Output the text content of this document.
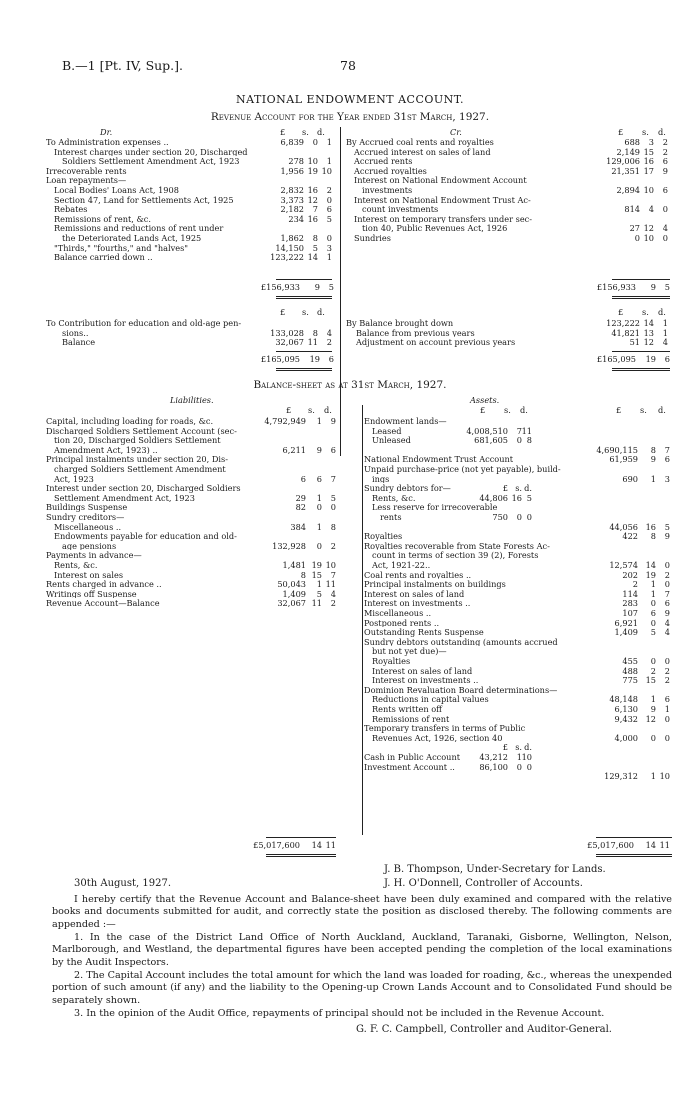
B.—1 [Pt. IV, Sup.].	78
NATIONAL ENDOWMENT ACCOUNT.
Revenue Account for the Year ended 31st March, 1927.
Dr.	Cr.
£ s. d.	£ s. d.
To Administration expenses ..	6,839 0 1
Interest charges under section 20, Discharged
Soldiers Settlement Amendment Act, 1923	278 10 1
Irrecoverable rents	1,956 19 10
Loan repayments—
Local Bodies' Loans Act, 1908	2,832 16 2
Section 47, Land for Settlements Act, 1925	3,373 12 0
Rebates	2,182 7 6
Remissions of rent, &c.	234 16 5
Remissions and reductions of rent under
the Deteriorated Lands Act, 1925	1,862 8 0
"Thirds," "fourths," and "halves"	14,150 5 3
Balance carried down ..	123,222 14 1
By Accrued coal rents and royalties	688 3 2
Accrued interest on sales of land	2,149 15 2
Accrued rents	129,006 16 6
Accrued royalties	21,351 17 9
Interest on National Endowment Account
investments	2,894 10 6
Interest on National Endowment Trust Ac-
count investments	814 4 0
Interest on temporary transfers under sec-
tion 40, Public Revenues Act, 1926	27 12 4
Sundries	0 10 0
£156,933 9 5	£156,933 9 5
£ s. d.	£ s. d.
To Contribution for education and old-age pen-
sions..	133,028 8 4
Balance	32,067 11 2
By Balance brought down	123,222 14 1
Balance from previous years	41,821 13 1
Adjustment on account previous years	51 12 4
£165,095 19 6	£165,095 19 6
Balance-sheet as at 31st March, 1927.
Liabilities.	Assets.
£ s. d.	£ s. d.	£ s. d.
Capital, including loading for roads, &c.	4,792,949 1 9
Discharged Soldiers Settlement Account (sec-
tion 20, Discharged Soldiers Settlement
Amendment Act, 1923) ..	6,211 9 6
Principal instalments under section 20, Dis-
charged Soldiers Settlement Amendment
Act, 1923	6 6 7
Interest under section 20, Discharged Soldiers
Settlement Amendment Act, 1923	29 1 5
Buildings Suspense	82 0 0
Sundry creditors—
Miscellaneous ..	384 1 8
Endowments payable for education and old-
age pensions	132,928 0 2
Payments in advance—
Rents, &c.	1,481 19 10
Interest on sales	8 15 7
Rents charged in advance ..	50,043 1 11
Writings off Suspense	1,409 5 4
Revenue Account—Balance	32,067 11 2
Endowment lands—
Leased	4,008,510 7 11
Unleased	681,605 0 8
4,690,115 8 7
National Endowment Trust Account	61,959 9 6
Unpaid purchase-price (not yet payable), build-
ings	690 1 3
Sundry debtors for—	£ s. d.
Rents, &c.	44,806 16 5
Less reserve for irrecoverable
rents	750 0 0
44,056 16 5
Royalties	422 8 9
Royalties recoverable from State Forests Ac-
count in terms of section 39 (2), Forests
Act, 1921-22..	12,574 14 0
Coal rents and royalties ..	202 19 2
Principal instalments on buildings	2 1 0
Interest on sales of land	114 1 7
Interest on investments ..	283 0 6
Miscellaneous ..	107 6 9
Postponed rents ..	6,921 0 4
Outstanding Rents Suspense	1,409 5 4
Sundry debtors outstanding (amounts accrued
but not yet due)—
Royalties	455 0 0
Interest on sales of land	488 2 2
Interest on investments ..	775 15 2
Dominion Revaluation Board determinations—
Reductions in capital values	48,148 1 6
Rents written off	6,130 9 1
Remissions of rent	9,432 12 0
Temporary transfers in terms of Public
Revenues Act, 1926, section 40	4,000 0 0
£ s. d.
Cash in Public Account 43,212 1 10
Investment Account ..	86,100 0 0
129,312 1 10
£5,017,600 14 11	£5,017,600 14 11
J. B. Thompson, Under-Secretary for Lands.
30th August, 1927.	J. H. O'Donnell, Controller of Accounts.
I hereby certify that the Revenue Account and Balance-sheet have been duly examined and compared with the relative books and documents submitted for audit, and correctly state the position as disclosed thereby. The following comments are appended :—
1. In the case of the District Land Office of North Auckland, Auckland, Taranaki, Gisborne, Wellington, Nelson, Marlborough, and Westland, the departmental figures have been accepted pending the completion of the local examinations by the Audit Inspectors.
2. The Capital Account includes the total amount for which the land was loaded for roading, &c., whereas the unexpended portion of such amount (if any) and the liability to the Opening-up Crown Lands Account and to Consolidated Fund should be separately shown.
3. In the opinion of the Audit Office, repayments of principal should not be included in the Revenue Account.
G. F. C. Campbell, Controller and Auditor-General.
